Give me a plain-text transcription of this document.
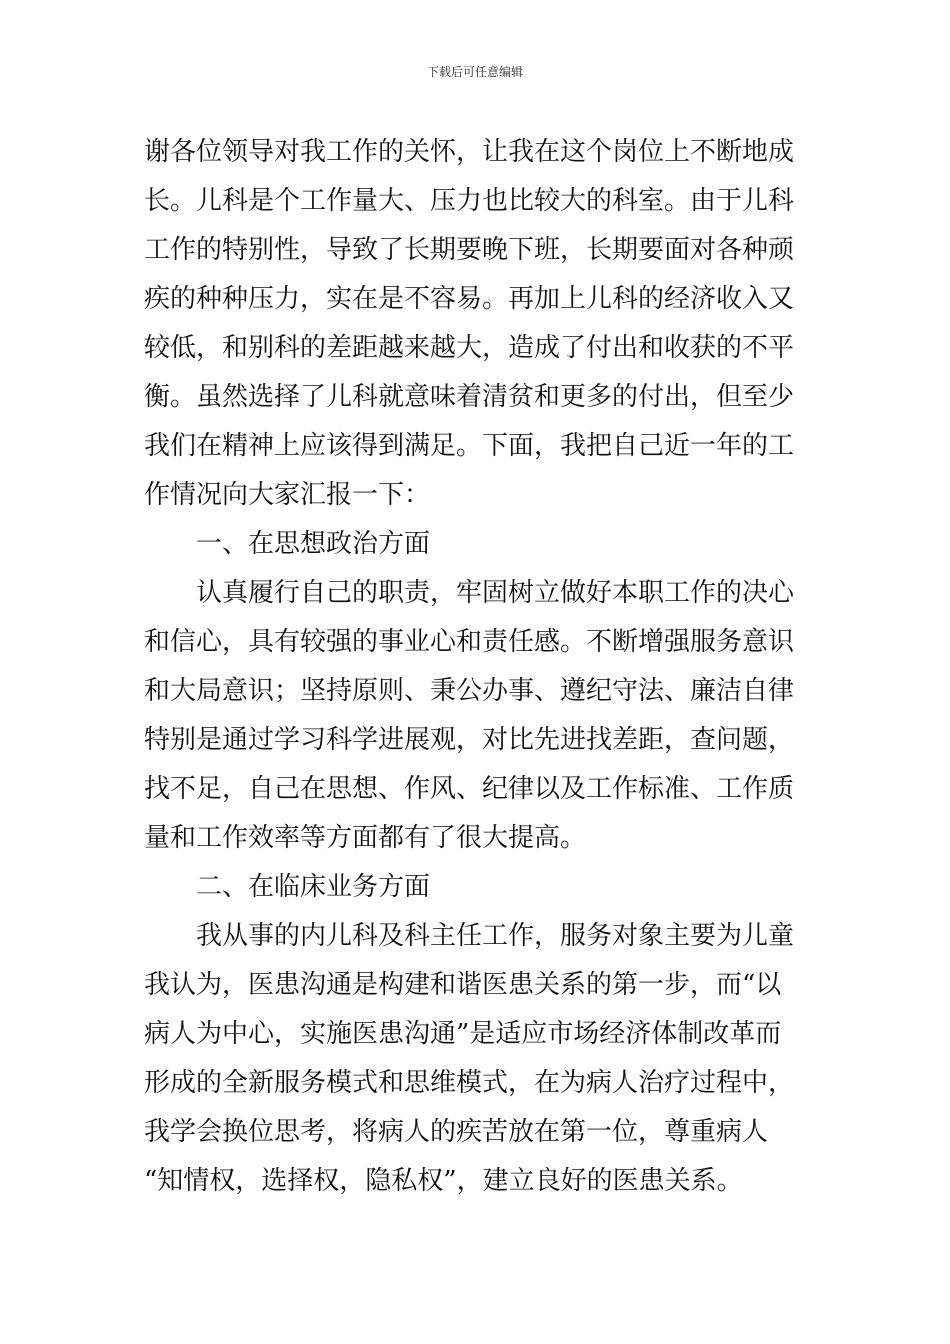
下载后可任意编辑
谢各位领导对我工作的关怀，让我在这个岗位上不断地成
长。儿科是个工作量大、压力也比较大的科室。由于儿科
工作的特别性，导致了长期要晚下班，长期要面对各种顽
疾的种种压力，实在是不容易。再加上儿科的经济收入又
较低，和别科的差距越来越大，造成了付出和收获的不平
衡。虽然选择了儿科就意味着清贫和更多的付出，但至少
我们在精神上应该得到满足。下面，我把自己近一年的工
作情况向大家汇报一下：
一、在思想政治方面
认真履行自己的职责，牢固树立做好本职工作的决心
和信心，具有较强的事业心和责任感。不断增强服务意识
和大局意识；坚持原则、秉公办事、遵纪守法、廉洁自律
特别是通过学习科学进展观，对比先进找差距，查问题，
找不足，自己在思想、作风、纪律以及工作标准、工作质
量和工作效率等方面都有了很大提高。
二、在临床业务方面
我从事的内儿科及科主任工作，服务对象主要为儿童
我认为，医患沟通是构建和谐医患关系的第一步，而“以
病人为中心，实施医患沟通”是适应市场经济体制改革而
形成的全新服务模式和思维模式，在为病人治疗过程中，
我学会换位思考，将病人的疾苦放在第一位，尊重病人
“知情权，选择权，隐私权”，建立良好的医患关系。
